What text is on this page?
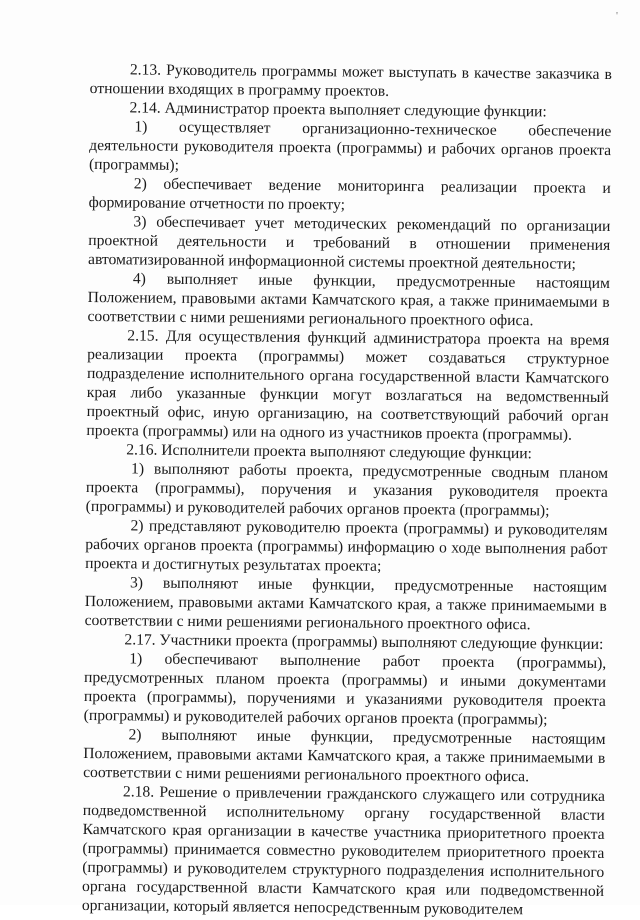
'

2.13. Руководитель программы может выступать в качестве заказчика в отношении входящих в программу проектов.

2.14. Администратор проекта выполняет следующие функции:

1) осуществляет организационно-техническое обеспечение деятельности руководителя проекта (программы) и рабочих органов проекта (программы);

2) обеспечивает ведение мониторинга реализации проекта и формирование отчетности по проекту;

3) обеспечивает учет методических рекомендаций по организации проектной деятельности и требований в отношении применения автоматизированной информационной системы проектной деятельности;

4) выполняет иные функции, предусмотренные настоящим Положением, правовыми актами Камчатского края, а также принимаемыми в соответствии с ними решениями регионального проектного офиса.

2.15. Для осуществления функций администратора проекта на время реализации проекта (программы) может создаваться структурное подразделение исполнительного органа государственной власти Камчатского края либо указанные функции могут возлагаться на ведомственный проектный офис, иную организацию, на соответствующий рабочий орган проекта (программы) или на одного из участников проекта (программы).

2.16. Исполнители проекта выполняют следующие функции:

1) выполняют работы проекта, предусмотренные сводным планом проекта (программы), поручения и указания руководителя проекта (программы) и руководителей рабочих органов проекта (программы);

2) представляют руководителю проекта (программы) и руководителям рабочих органов проекта (программы) информацию о ходе выполнения работ проекта и достигнутых результатах проекта;

3) выполняют иные функции, предусмотренные настоящим Положением, правовыми актами Камчатского края, а также принимаемыми в соответствии с ними решениями регионального проектного офиса.

2.17. Участники проекта (программы) выполняют следующие функции:

1) обеспечивают выполнение работ проекта (программы), предусмотренных планом проекта (программы) и иными документами проекта (программы), поручениями и указаниями руководителя проекта (программы) и руководителей рабочих органов проекта (программы);

2) выполняют иные функции, предусмотренные настоящим Положением, правовыми актами Камчатского края, а также принимаемыми в соответствии с ними решениями регионального проектного офиса.

2.18. Решение о привлечении гражданского служащего или сотрудника подведомственной исполнительному органу государственной власти Камчатского края организации в качестве участника приоритетного проекта (программы) принимается совместно руководителем приоритетного проекта (программы) и руководителем структурного подразделения исполнительного органа государственной власти Камчатского края или подведомственной организации, который является непосредственным руководителем
